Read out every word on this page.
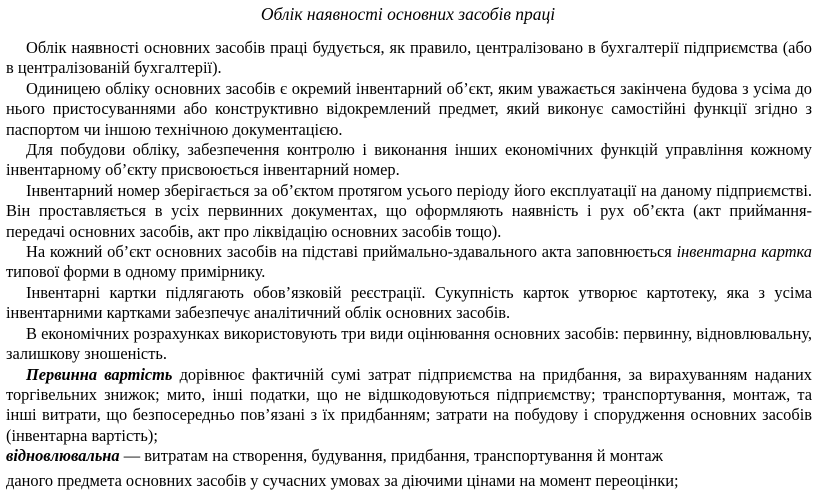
Облік наявності основних засобів праці

Облік наявності основних засобів праці будується, як правило, централізовано в бухгалтерії підприємства (або в централізованій бухгалтерії).

Одиницею обліку основних засобів є окремий інвентарний об’єкт, яким уважається закінчена будова з усіма до нього пристосуваннями або конструктивно відокремлений предмет, який виконує самостійні функції згідно з паспортом чи іншою технічною документацією.

Для побудови обліку, забезпечення контролю і виконання інших економічних функцій управління кожному інвентарному об’єкту присвоюється інвентарний номер.

Інвентарний номер зберігається за об’єктом протягом усього періоду його експлуатації на даному підприємстві. Він проставляється в усіх первинних документах, що оформляють наявність і рух об’єкта (акт приймання-передачі основних засобів, акт про ліквідацію основних засобів тощо).

На кожний об’єкт основних засобів на підставі приймально-здавального акта заповнюється інвентарна картка типової форми в одному примірнику.

Інвентарні картки підлягають обов’язковій реєстрації. Сукупність карток утворює картотеку, яка з усіма інвентарними картками забезпечує аналітичний облік основних засобів.

В економічних розрахунках використовують три види оцінювання основних засобів: первинну, відновлювальну, залишкову зношеність.

Первинна вартість дорівнює фактичній сумі затрат підприємства на придбання, за вирахуванням наданих торгівельних знижок; мито, інші податки, що не відшкодовуються підприємству; транспортування, монтаж, та інші витрати, що безпосередньо пов’язані з їх придбанням; затрати на побудову і спорудження основних засобів (інвентарна вартість);

відновлювальна — витратам на створення, будування, придбання, транспортування й монтаж

даного предмета основних засобів у сучасних умовах за діючими цінами на момент переоцінки;
